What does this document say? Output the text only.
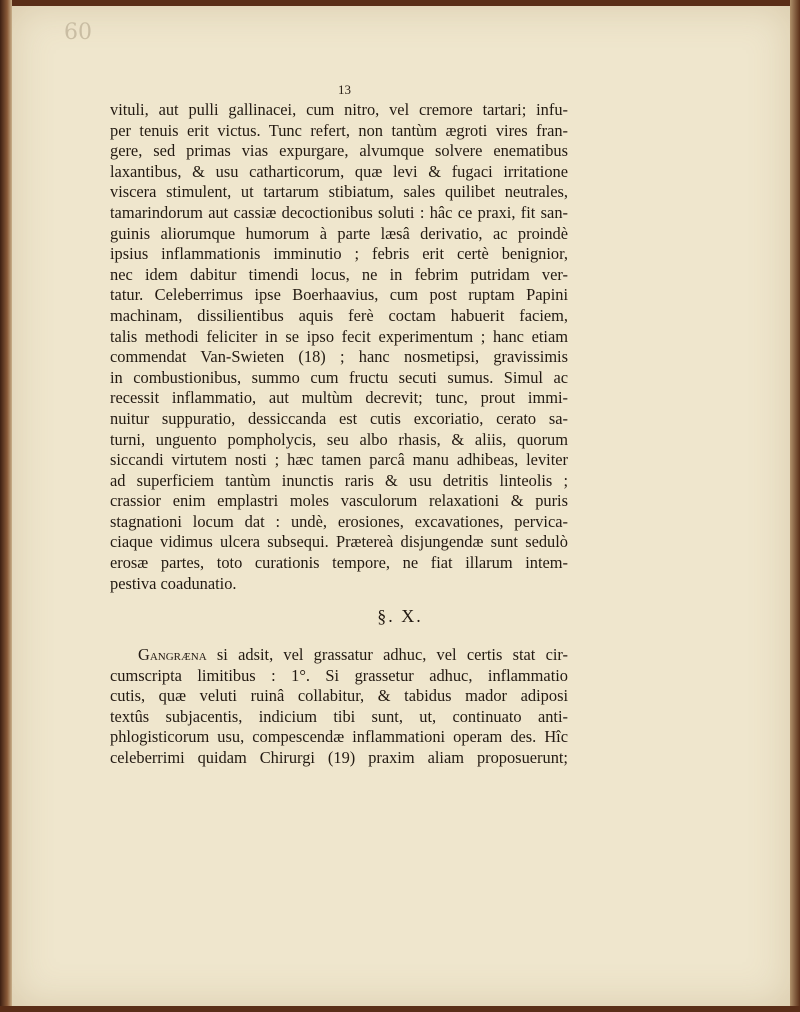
60
13
vituli, aut pulli gallinacei, cum nitro, vel cremore tartari; infu-
per tenuis erit victus. Tunc refert, non tantùm ægroti vires fran-
gere, sed primas vias expurgare, alvumque solvere enematibus
laxantibus, & usu catharticorum, quæ levi & fugaci irritatione
viscera stimulent, ut tartarum stibiatum, sales quilibet neutrales,
tamarindorum aut cassiæ decoctionibus soluti : hâc ce praxi, fit san-
guinis aliorumque humorum à parte læsâ derivatio, ac proindè
ipsius inflammationis imminutio ; febris erit certè benignior,
nec idem dabitur timendi locus, ne in febrim putridam ver-
tatur. Celeberrimus ipse Boerhaavius, cum post ruptam Papini
machinam, dissilientibus aquis ferè coctam habuerit faciem,
talis methodi feliciter in se ipso fecit experimentum ; hanc etiam
commendat Van-Swieten (18) ; hanc nosmetipsi, gravissimis
in combustionibus, summo cum fructu secuti sumus. Simul ac
recessit inflammatio, aut multùm decrevit; tunc, prout immi-
nuitur suppuratio, dessiccanda est cutis excoriatio, cerato sa-
turni, unguento pompholycis, seu albo rhasis, & aliis, quorum
siccandi virtutem nosti ; hæc tamen parcâ manu adhibeas, leviter
ad superficiem tantùm inunctis raris & usu detritis linteolis ;
crassior enim emplastri moles vasculorum relaxationi & puris
stagnationi locum dat : undè, erosiones, excavationes, pervica-
ciaque vidimus ulcera subsequi. Prætereà disjungendæ sunt sedulò
erosæ partes, toto curationis tempore, ne fiat illarum intem-
pestiva coadunatio.
§. X.
Gangræna si adsit, vel grassatur adhuc, vel certis stat cir-
cumscripta limitibus : 1°. Si grassetur adhuc, inflammatio
cutis, quæ veluti ruinâ collabitur, & tabidus mador adiposi
textûs subjacentis, indicium tibi sunt, ut, continuato anti-
phlogisticorum usu, compescendæ inflammationi operam des. Hîc
celeberrimi quidam Chirurgi (19) praxim aliam proposuerunt;
